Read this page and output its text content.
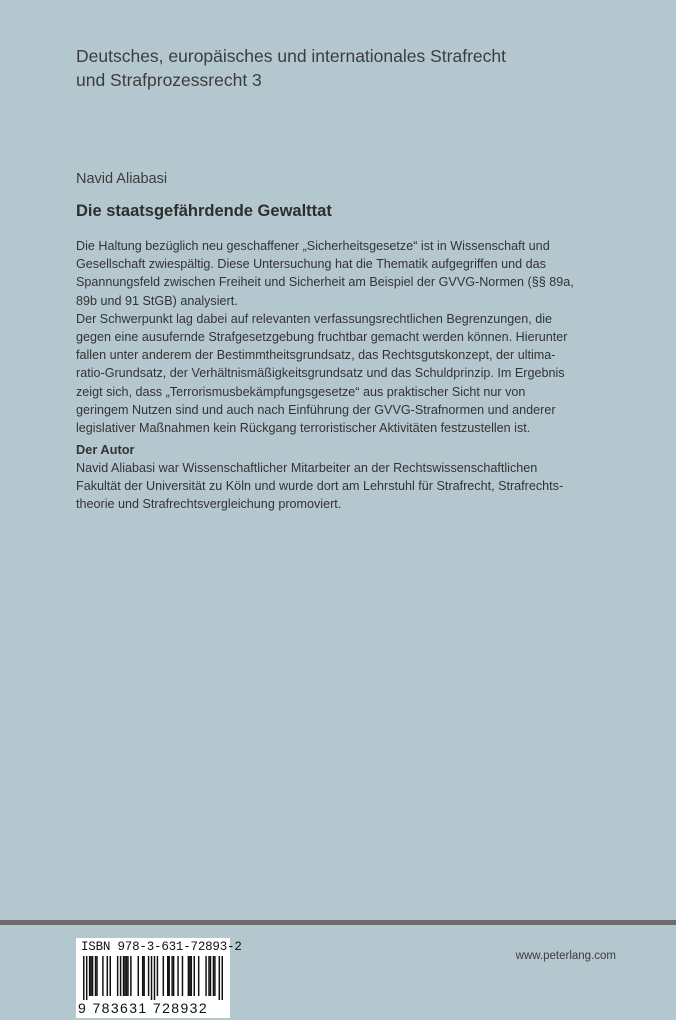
Deutsches, europäisches und internationales Strafrecht
und Strafprozessrecht 3
Navid Aliabasi
Die staatsgefährdende Gewalttat
Die Haltung bezüglich neu geschaffener „Sicherheitsgesetze“ ist in Wissenschaft und
Gesellschaft zwiespältig. Diese Untersuchung hat die Thematik aufgegriffen und das
Spannungsfeld zwischen Freiheit und Sicherheit am Beispiel der GVVG-Normen (§§ 89a,
89b und 91 StGB) analysiert.
Der Schwerpunkt lag dabei auf relevanten verfassungsrechtlichen Begrenzungen, die
gegen eine ausufernde Strafgesetzgebung fruchtbar gemacht werden können. Hierunter
fallen unter anderem der Bestimmtheitsgrundsatz, das Rechtsgutskonzept, der ultima-
ratio-Grundsatz, der Verhältnismäßigkeitsgrundsatz und das Schuldprinzip. Im Ergebnis
zeigt sich, dass „Terrorismusbekämpfungsgesetze“ aus praktischer Sicht nur von
geringem Nutzen sind und auch nach Einführung der GVVG-Strafnormen und anderer
legislativer Maßnahmen kein Rückgang terroristischer Aktivitäten festzustellen ist.
Der Autor
Navid Aliabasi war Wissenschaftlicher Mitarbeiter an der Rechtswissenschaftlichen
Fakultät der Universität zu Köln und wurde dort am Lehrstuhl für Strafrecht, Strafrechts-
theorie und Strafrechtsvergleichung promoviert.
ISBN 978-3-631-72893-2
9 783631 728932
www.peterlang.com
